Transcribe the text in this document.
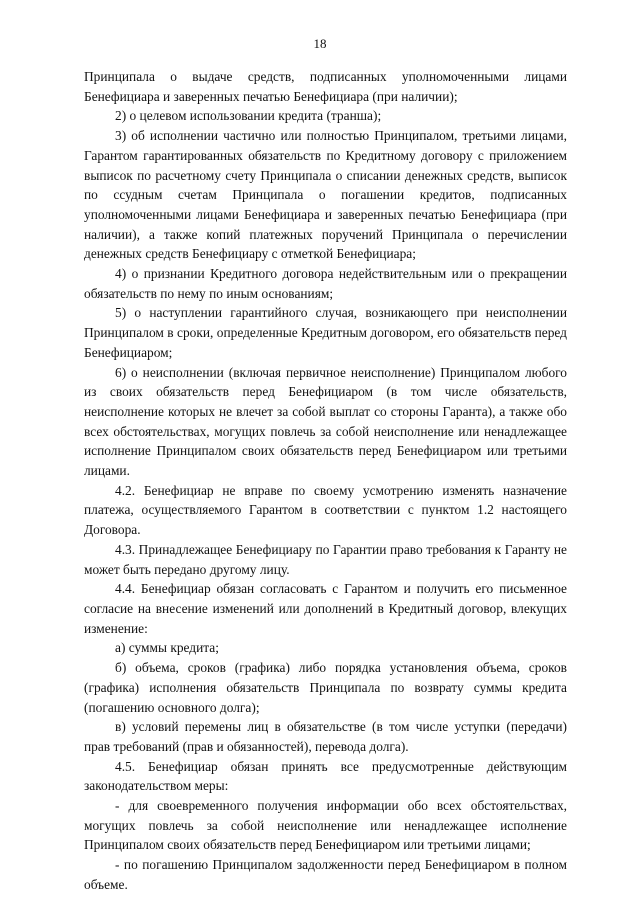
18

Принципала о выдаче средств, подписанных уполномоченными лицами Бенефициара и заверенных печатью Бенефициара (при наличии);

2) о целевом использовании кредита (транша);

3) об исполнении частично или полностью Принципалом, третьими лицами, Гарантом гарантированных обязательств по Кредитному договору с приложением выписок по расчетному счету Принципала о списании денежных средств, выписок по ссудным счетам Принципала о погашении кредитов, подписанных уполномоченными лицами Бенефициара и заверенных печатью Бенефициара (при наличии), а также копий платежных поручений Принципала о перечислении денежных средств Бенефициару с отметкой Бенефициара;

4) о признании Кредитного договора недействительным или о прекращении обязательств по нему по иным основаниям;

5) о наступлении гарантийного случая, возникающего при неисполнении Принципалом в сроки, определенные Кредитным договором, его обязательств перед Бенефициаром;

6) о неисполнении (включая первичное неисполнение) Принципалом любого из своих обязательств перед Бенефициаром (в том числе обязательств, неисполнение которых не влечет за собой выплат со стороны Гаранта), а также обо всех обстоятельствах, могущих повлечь за собой неисполнение или ненадлежащее исполнение Принципалом своих обязательств перед Бенефициаром или третьими лицами.

4.2. Бенефициар не вправе по своему усмотрению изменять назначение платежа, осуществляемого Гарантом в соответствии с пунктом 1.2 настоящего Договора.

4.3. Принадлежащее Бенефициару по Гарантии право требования к Гаранту не может быть передано другому лицу.

4.4. Бенефициар обязан согласовать с Гарантом и получить его письменное согласие на внесение изменений или дополнений в Кредитный договор, влекущих изменение:

а) суммы кредита;

б) объема, сроков (графика) либо порядка установления объема, сроков (графика) исполнения обязательств Принципала по возврату суммы кредита (погашению основного долга);

в) условий перемены лиц в обязательстве (в том числе уступки (передачи) прав требований (прав и обязанностей), перевода долга).

4.5. Бенефициар обязан принять все предусмотренные действующим законодательством меры:

- для своевременного получения информации обо всех обстоятельствах, могущих повлечь за собой неисполнение или ненадлежащее исполнение Принципалом своих обязательств перед Бенефициаром или третьими лицами;

- по погашению Принципалом задолженности перед Бенефициаром в полном объеме.
